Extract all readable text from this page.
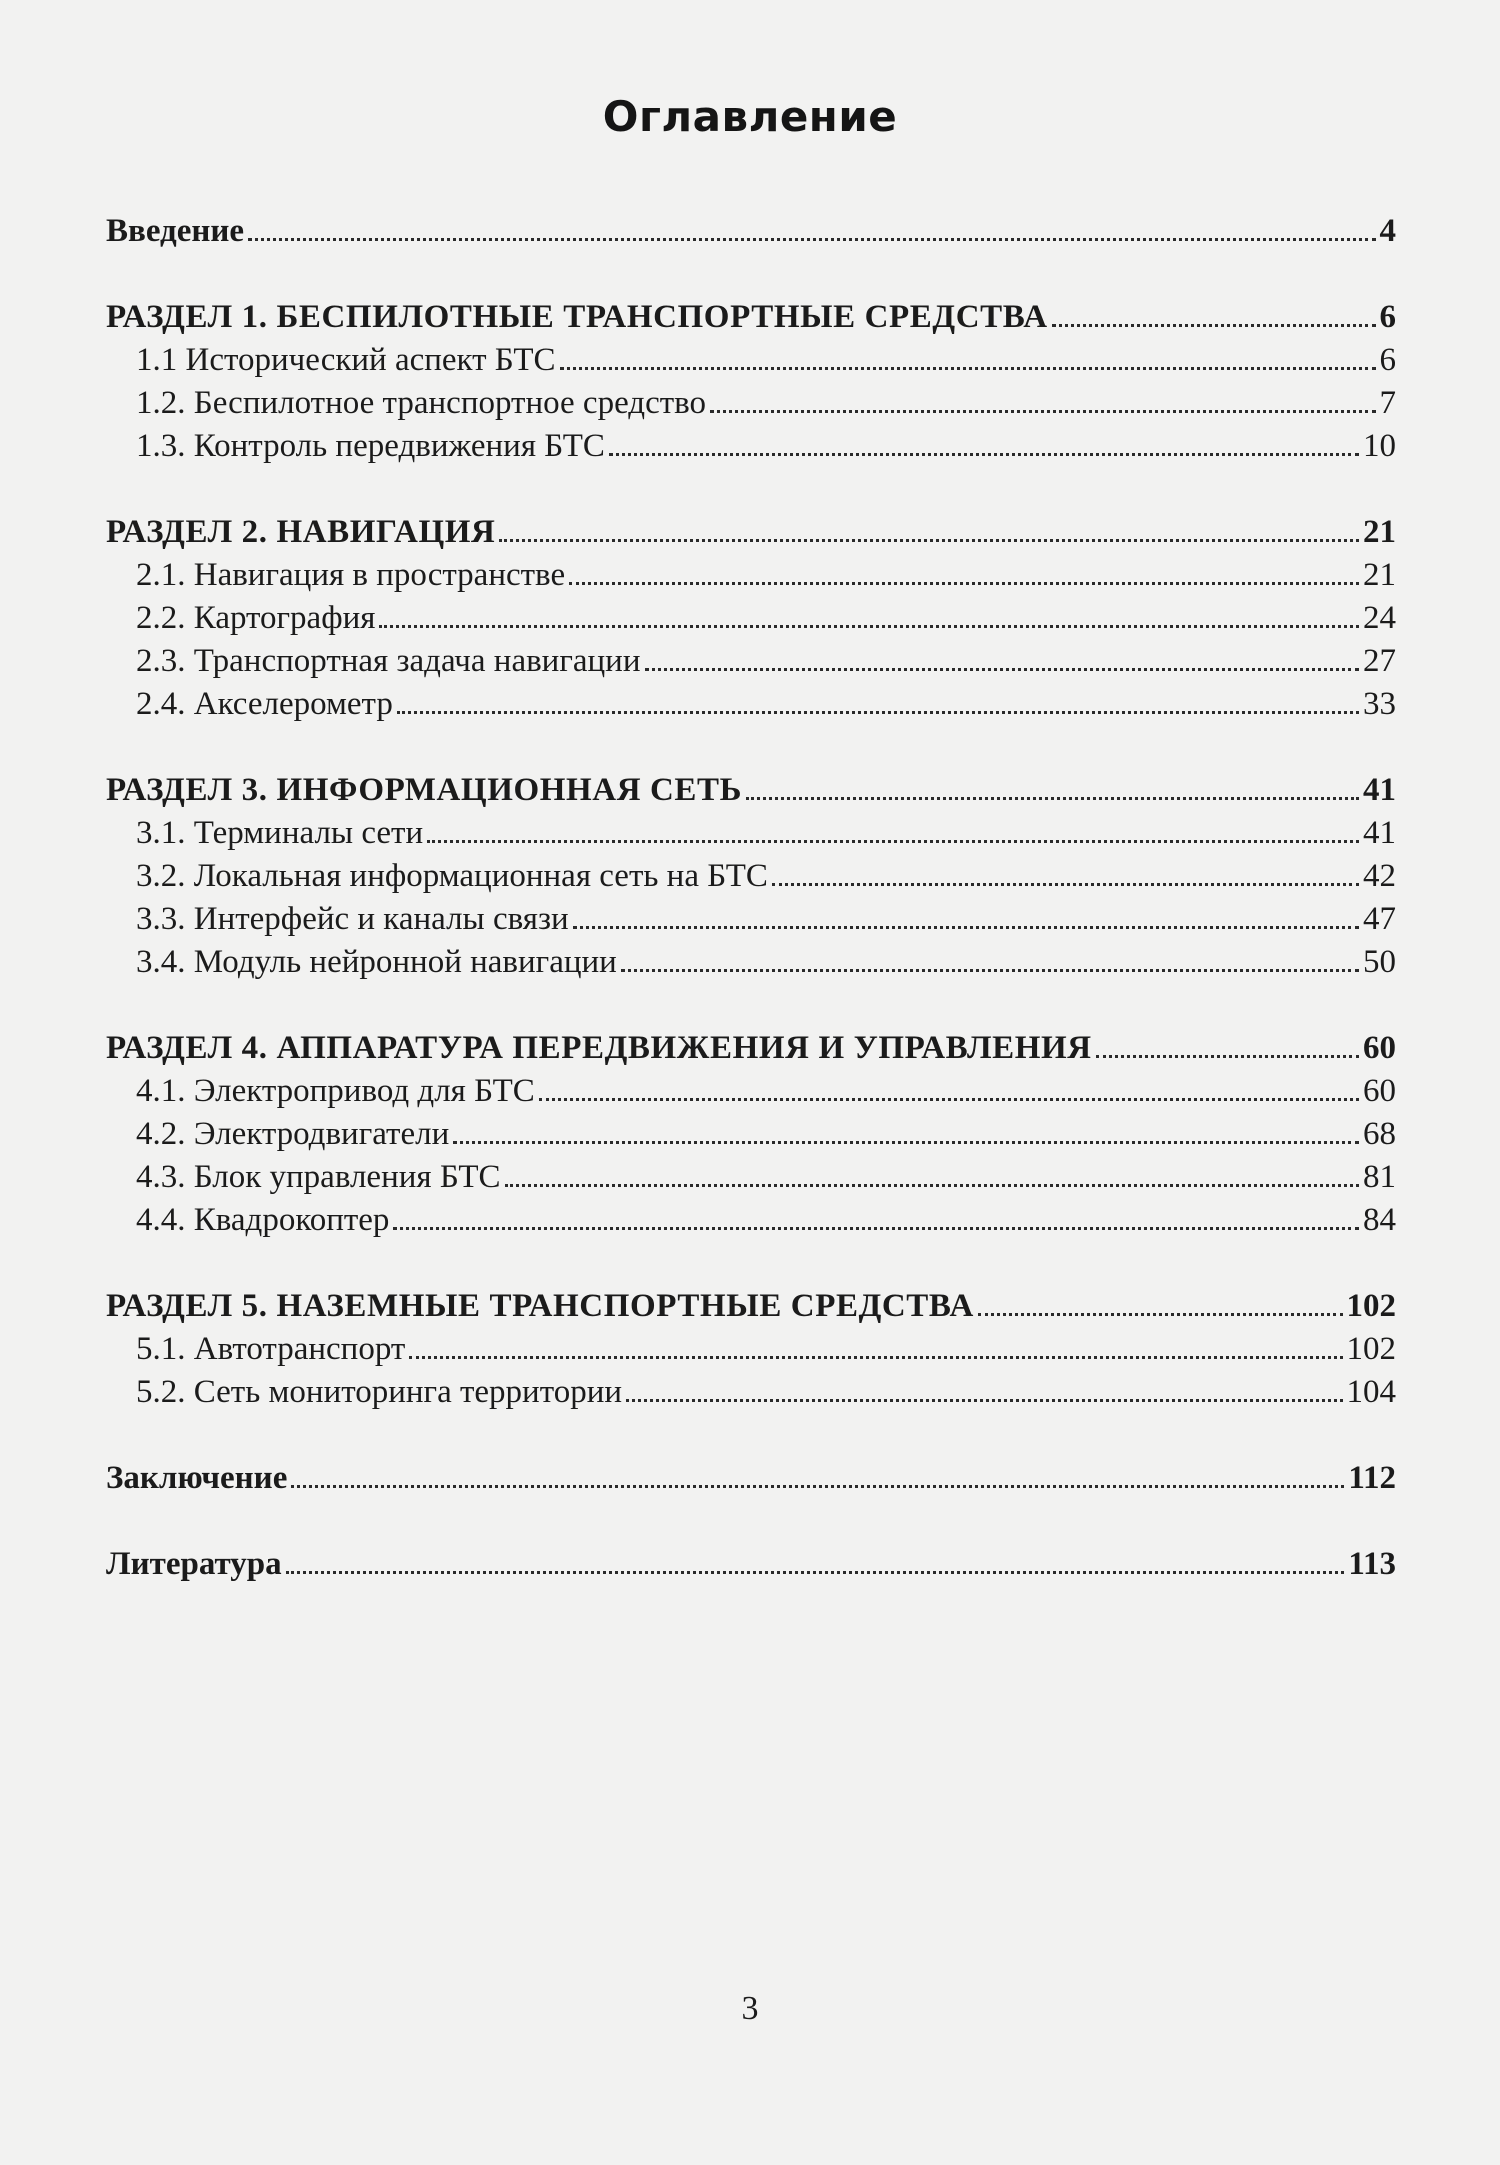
Оглавление
Введение	4
РАЗДЕЛ 1. БЕСПИЛОТНЫЕ ТРАНСПОРТНЫЕ СРЕДСТВА	6
1.1 Исторический аспект БТС	6
1.2. Беспилотное транспортное средство	7
1.3. Контроль передвижения БТС	10
РАЗДЕЛ 2. НАВИГАЦИЯ	21
2.1. Навигация в пространстве	21
2.2. Картография	24
2.3. Транспортная задача навигации	27
2.4. Акселерометр	33
РАЗДЕЛ 3. ИНФОРМАЦИОННАЯ СЕТЬ	41
3.1. Терминалы сети	41
3.2. Локальная информационная сеть на БТС	42
3.3. Интерфейс и каналы связи	47
3.4. Модуль нейронной навигации	50
РАЗДЕЛ 4. АППАРАТУРА ПЕРЕДВИЖЕНИЯ И УПРАВЛЕНИЯ	60
4.1. Электропривод для БТС	60
4.2. Электродвигатели	68
4.3. Блок управления БТС	81
4.4. Квадрокоптер	84
РАЗДЕЛ 5. НАЗЕМНЫЕ ТРАНСПОРТНЫЕ СРЕДСТВА	102
5.1. Автотранспорт	102
5.2. Сеть мониторинга территории	104
Заключение	112
Литература	113
3
